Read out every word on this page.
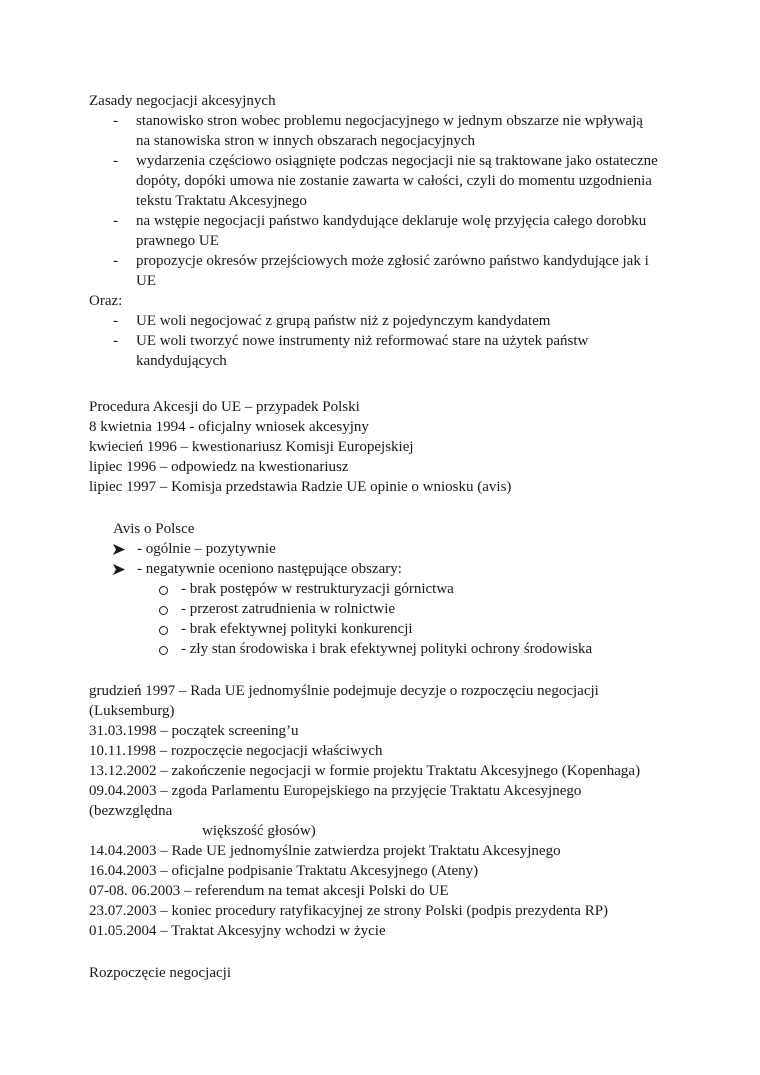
Zasady negocjacji akcesyjnych
- stanowisko stron wobec problemu negocjacyjnego w jednym obszarze nie wpływają
na stanowiska stron w innych obszarach negocjacyjnych
- wydarzenia częściowo osiągnięte podczas negocjacji nie są traktowane jako ostateczne
dopóty, dopóki umowa nie zostanie zawarta w całości, czyli do momentu uzgodnienia
tekstu Traktatu Akcesyjnego
- na wstępie negocjacji państwo kandydujące deklaruje wolę przyjęcia całego dorobku
prawnego UE
- propozycje okresów przejściowych może zgłosić zarówno państwo kandydujące jak i
UE
Oraz:
- UE woli negocjować z grupą państw niż z pojedynczym kandydatem
- UE woli tworzyć nowe instrumenty niż reformować stare na użytek państw
kandydujących
Procedura Akcesji do UE – przypadek Polski
8 kwietnia 1994 - oficjalny wniosek akcesyjny
kwiecień 1996 – kwestionariusz Komisji Europejskiej
lipiec 1996 – odpowiedz na kwestionariusz
lipiec 1997 – Komisja przedstawia Radzie UE opinie o wniosku (avis)
Avis o Polsce
- ogólnie – pozytywnie
- negatywnie oceniono następujące obszary:
- brak postępów w restrukturyzacji górnictwa
- przerost zatrudnienia w rolnictwie
- brak efektywnej polityki konkurencji
- zły stan środowiska i brak efektywnej polityki ochrony środowiska
grudzień 1997 – Rada UE jednomyślnie podejmuje decyzje o rozpoczęciu negocjacji
(Luksemburg)
31.03.1998 – początek screening’u
10.11.1998 – rozpoczęcie negocjacji właściwych
13.12.2002 – zakończenie negocjacji w formie projektu Traktatu Akcesyjnego (Kopenhaga)
09.04.2003 – zgoda Parlamentu Europejskiego na przyjęcie Traktatu Akcesyjnego
(bezwzględna
większość głosów)
14.04.2003 – Rade UE jednomyślnie zatwierdza projekt Traktatu Akcesyjnego
16.04.2003 – oficjalne podpisanie Traktatu Akcesyjnego (Ateny)
07-08. 06.2003 – referendum na temat akcesji Polski do UE
23.07.2003 – koniec procedury ratyfikacyjnej ze strony Polski (podpis prezydenta RP)
01.05.2004 – Traktat Akcesyjny wchodzi w życie
Rozpoczęcie negocjacji
